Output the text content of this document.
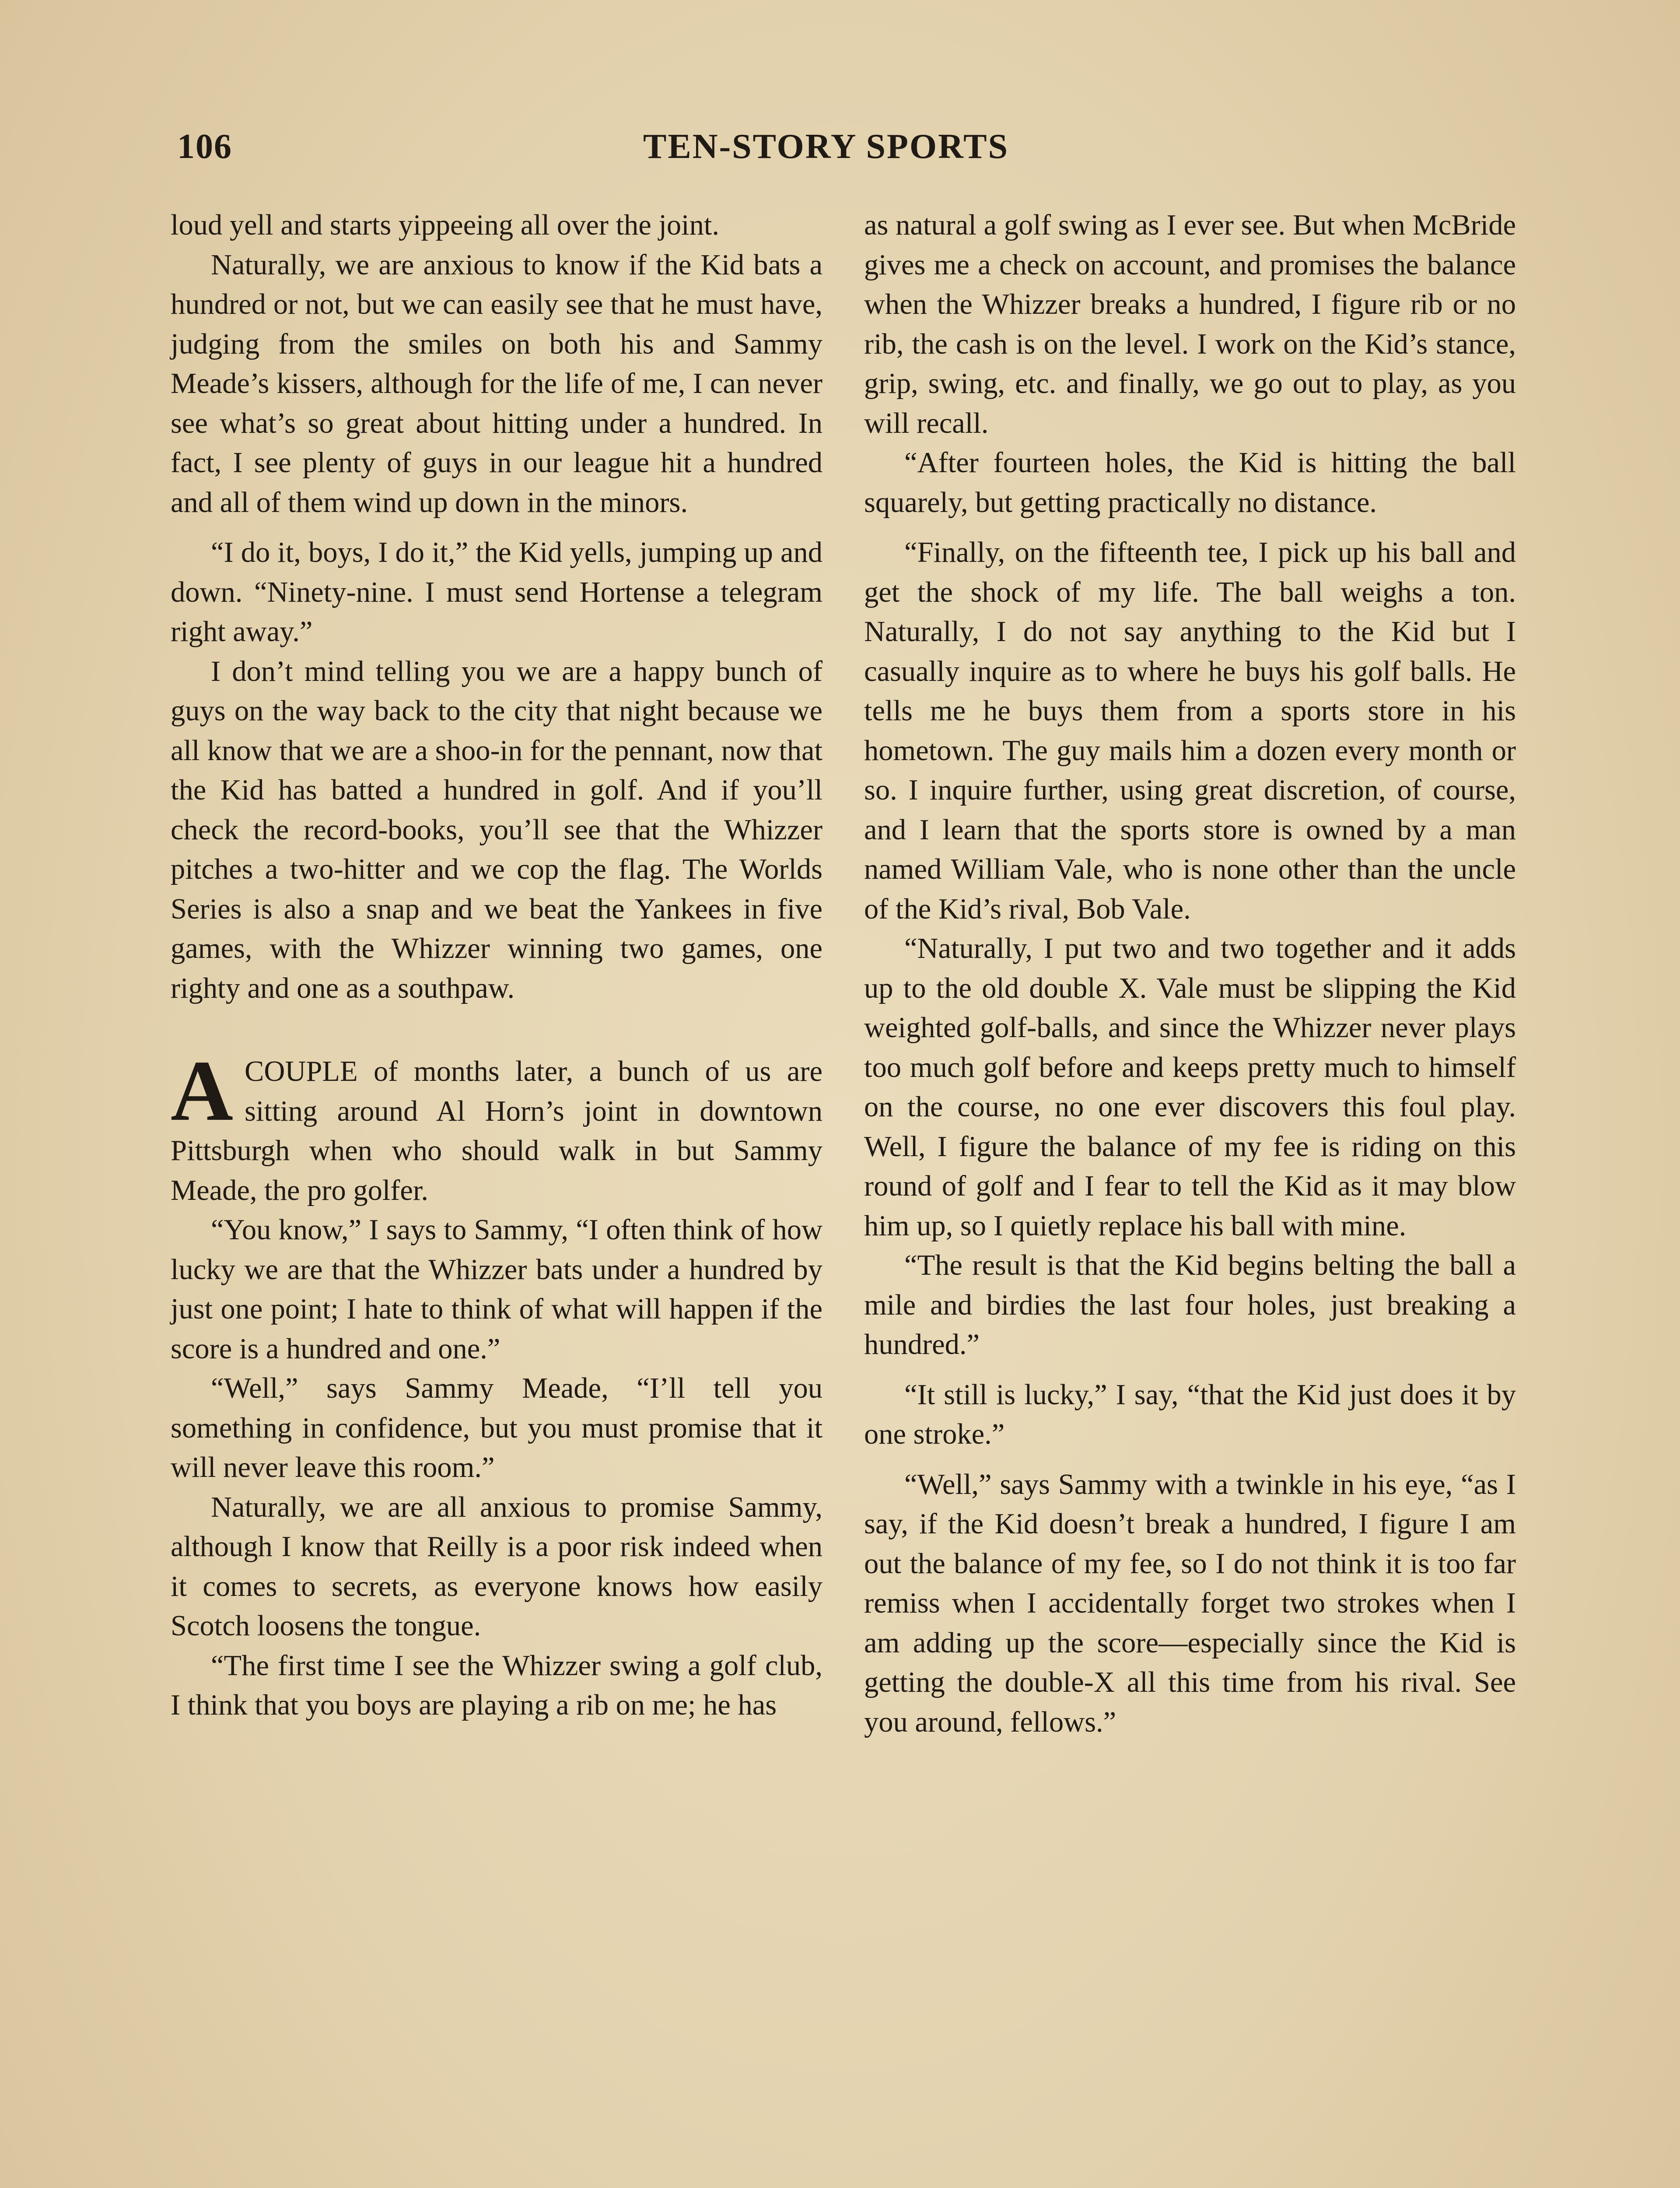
106	TEN-STORY SPORTS

loud yell and starts yippeeing all over the joint.

Naturally, we are anxious to know if the Kid bats a hundred or not, but we can easily see that he must have, judging from the smiles on both his and Sammy Meade’s kissers, although for the life of me, I can never see what’s so great about hitting under a hundred. In fact, I see plenty of guys in our league hit a hundred and all of them wind up down in the minors.

“I do it, boys, I do it,” the Kid yells, jumping up and down. “Ninety-nine. I must send Hortense a telegram right away.”

I don’t mind telling you we are a happy bunch of guys on the way back to the city that night because we all know that we are a shoo-in for the pennant, now that the Kid has batted a hundred in golf. And if you’ll check the record-books, you’ll see that the Whizzer pitches a two-hitter and we cop the flag. The Worlds Series is also a snap and we beat the Yankees in five games, with the Whizzer winning two games, one righty and one as a southpaw.

ACOUPLE of months later, a bunch of us are sitting around Al Horn’s joint in downtown Pittsburgh when who should walk in but Sammy Meade, the pro golfer.

“You know,” I says to Sammy, “I often think of how lucky we are that the Whizzer bats under a hundred by just one point; I hate to think of what will happen if the score is a hundred and one.”

“Well,” says Sammy Meade, “I’ll tell you something in confidence, but you must promise that it will never leave this room.”

Naturally, we are all anxious to promise Sammy, although I know that Reilly is a poor risk indeed when it comes to secrets, as everyone knows how easily Scotch loosens the tongue.

“The first time I see the Whizzer swing a golf club, I think that you boys are playing a rib on me; he has

as natural a golf swing as I ever see. But when McBride gives me a check on account, and promises the balance when the Whizzer breaks a hundred, I figure rib or no rib, the cash is on the level. I work on the Kid’s stance, grip, swing, etc. and finally, we go out to play, as you will recall.

“After fourteen holes, the Kid is hitting the ball squarely, but getting practically no distance.

“Finally, on the fifteenth tee, I pick up his ball and get the shock of my life. The ball weighs a ton. Naturally, I do not say anything to the Kid but I casually inquire as to where he buys his golf balls. He tells me he buys them from a sports store in his hometown. The guy mails him a dozen every month or so. I inquire further, using great discretion, of course, and I learn that the sports store is owned by a man named William Vale, who is none other than the uncle of the Kid’s rival, Bob Vale.

“Naturally, I put two and two together and it adds up to the old double X. Vale must be slipping the Kid weighted golf-balls, and since the Whizzer never plays too much golf before and keeps pretty much to himself on the course, no one ever discovers this foul play. Well, I figure the balance of my fee is riding on this round of golf and I fear to tell the Kid as it may blow him up, so I quietly replace his ball with mine.

“The result is that the Kid begins belting the ball a mile and birdies the last four holes, just breaking a hundred.”

“It still is lucky,” I say, “that the Kid just does it by one stroke.”

“Well,” says Sammy with a twinkle in his eye, “as I say, if the Kid doesn’t break a hundred, I figure I am out the balance of my fee, so I do not think it is too far remiss when I accidentally forget two strokes when I am adding up the score—especially since the Kid is getting the double-X all this time from his rival. See you around, fellows.”
